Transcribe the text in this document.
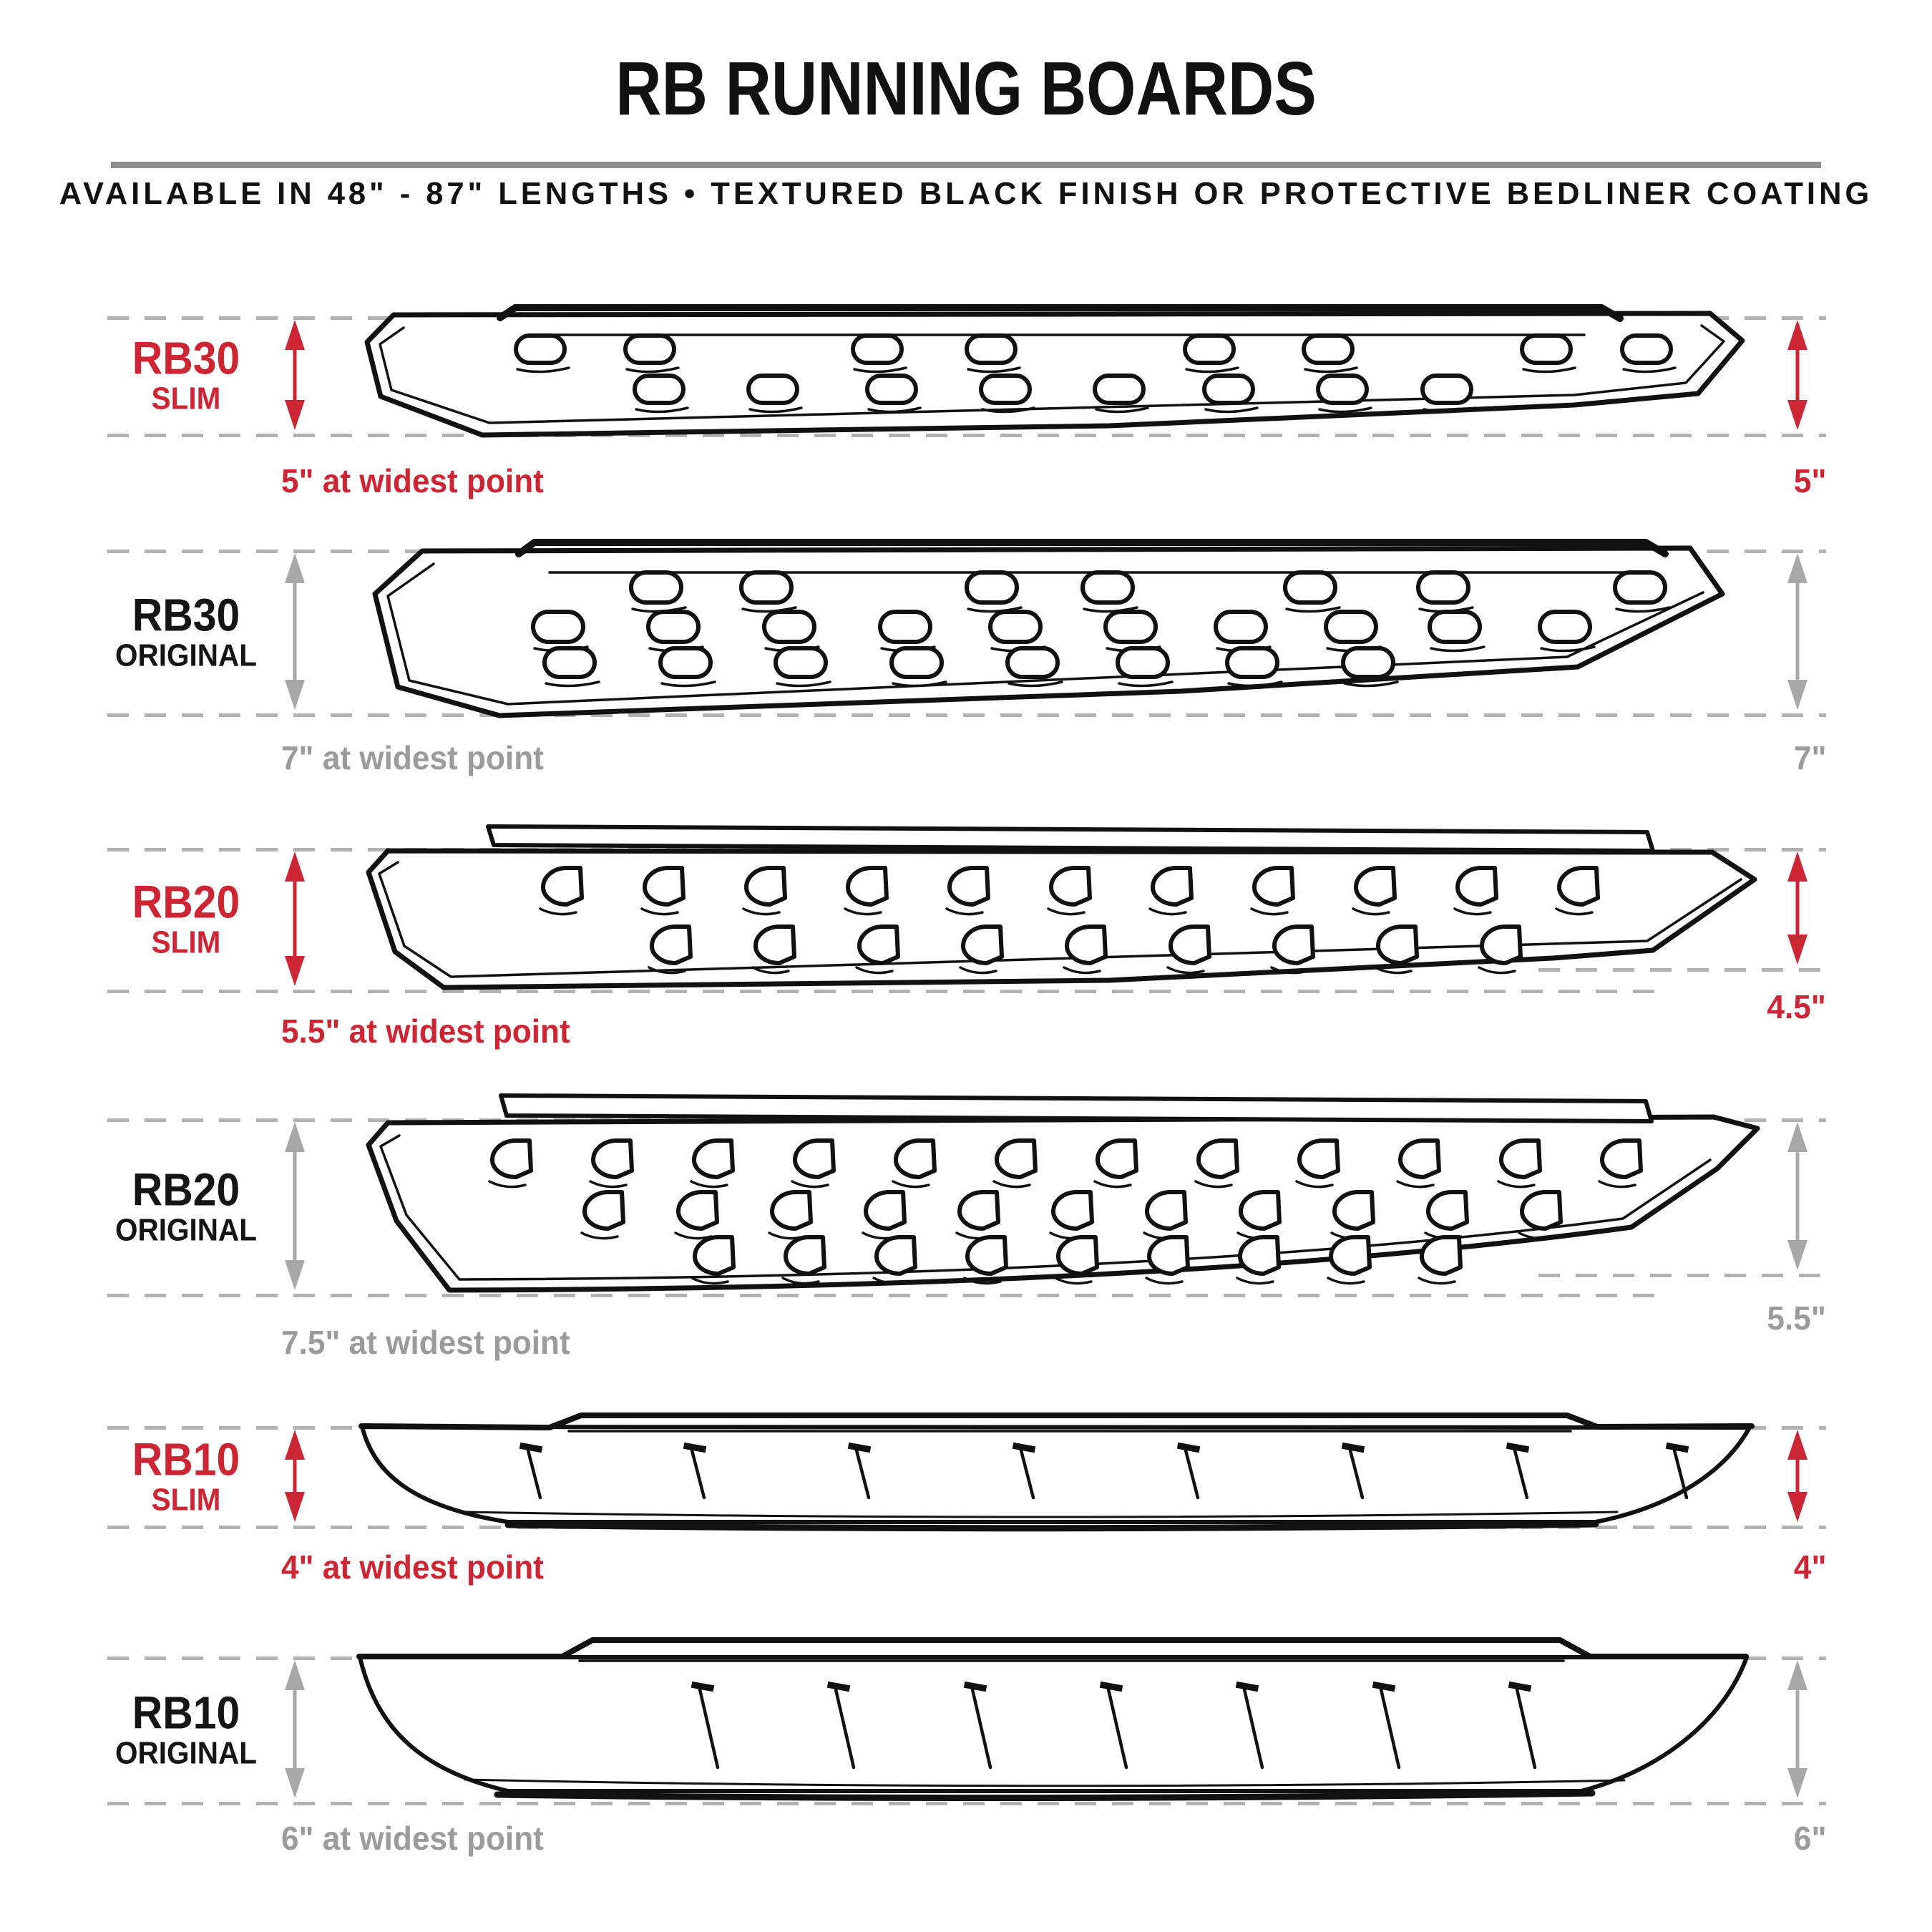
RB RUNNING BOARDS

AVAILABLE IN 48" - 87" LENGTHS • TEXTURED BLACK FINISH OR PROTECTIVE BEDLINER COATING

RB30
SLIM
5" at widest point	5"
RB30
ORIGINAL
7" at widest point	7"
RB20
SLIM
5.5" at widest point
4.5"
RB20
ORIGINAL
7.5" at widest point
5.5"
RB10
SLIM
4" at widest point	4"
RB10
ORIGINAL
6" at widest point	6"
